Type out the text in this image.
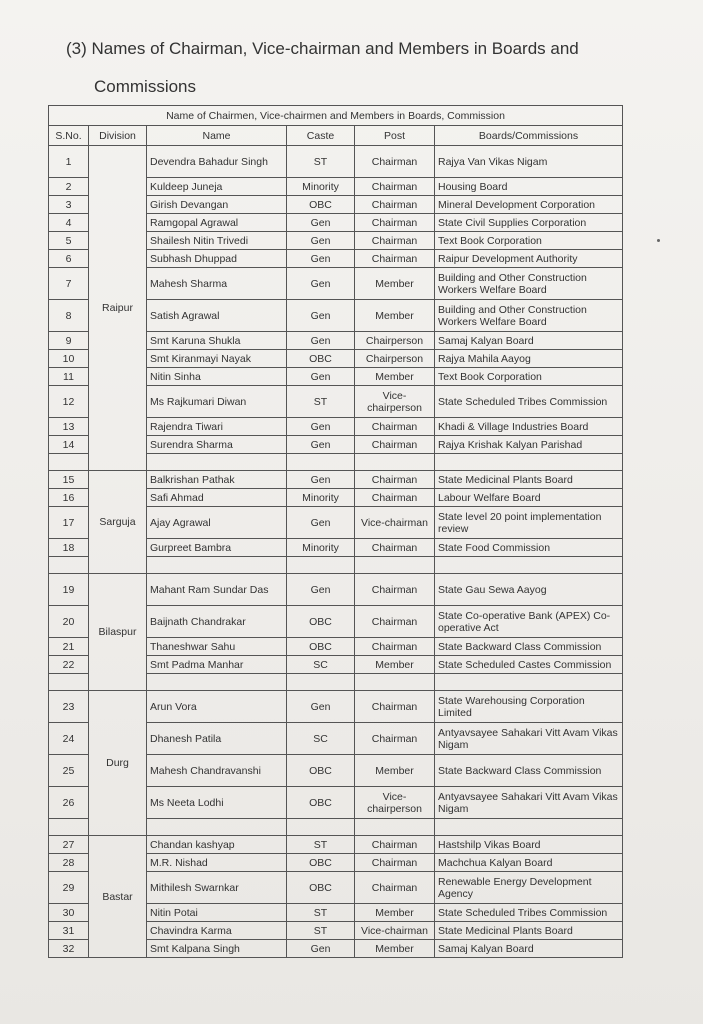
(3) Names of Chairman, Vice-chairman and Members in Boards and
Commissions
Name of Chairmen, Vice-chairmen and Members in Boards, Commission					
S.No.	Division	Name	Caste	Post	Boards/Commissions
1	Raipur	Devendra Bahadur Singh	ST	Chairman	Rajya Van Vikas Nigam
2		Kuldeep Juneja	Minority	Chairman	Housing Board
3		Girish Devangan	OBC	Chairman	Mineral Development Corporation
4		Ramgopal Agrawal	Gen	Chairman	State Civil Supplies Corporation
5		Shailesh Nitin Trivedi	Gen	Chairman	Text Book Corporation
6		Subhash Dhuppad	Gen	Chairman	Raipur Development Authority
7		Mahesh Sharma	Gen	Member	Building and Other Construction Workers Welfare Board
8		Satish Agrawal	Gen	Member	Building and Other Construction Workers Welfare Board
9		Smt Karuna Shukla	Gen	Chairperson	Samaj Kalyan Board
10		Smt Kiranmayi Nayak	OBC	Chairperson	Rajya Mahila Aayog
11		Nitin Sinha	Gen	Member	Text Book Corporation
12		Ms Rajkumari Diwan	ST	Vice-chairperson	State Scheduled Tribes Commission
13		Rajendra Tiwari	Gen	Chairman	Khadi & Village Industries Board
14		Surendra Sharma	Gen	Chairman	Rajya Krishak Kalyan Parishad

15	Sarguja	Balkrishan Pathak	Gen	Chairman	State Medicinal Plants Board
16		Safi Ahmad	Minority	Chairman	Labour Welfare Board
17		Ajay Agrawal	Gen	Vice-chairman	State level 20 point implementation review
18		Gurpreet Bambra	Minority	Chairman	State Food Commission

19	Bilaspur	Mahant Ram Sundar Das	Gen	Chairman	State Gau Sewa Aayog
20		Baijnath Chandrakar	OBC	Chairman	State Co-operative Bank (APEX) Co-operative Act
21		Thaneshwar Sahu	OBC	Chairman	State Backward Class Commission
22		Smt Padma Manhar	SC	Member	State Scheduled Castes Commission

23	Durg	Arun Vora	Gen	Chairman	State Warehousing Corporation Limited
24		Dhanesh Patila	SC	Chairman	Antyavsayee Sahakari Vitt Avam Vikas Nigam
25		Mahesh Chandravanshi	OBC	Member	State Backward Class Commission
26		Ms Neeta Lodhi	OBC	Vice-chairperson	Antyavsayee Sahakari Vitt Avam Vikas Nigam

27	Bastar	Chandan kashyap	ST	Chairman	Hastshilp Vikas Board
28		M.R. Nishad	OBC	Chairman	Machchua Kalyan Board
29		Mithilesh Swarnkar	OBC	Chairman	Renewable Energy Development Agency
30		Nitin Potai	ST	Member	State Scheduled Tribes Commission
31		Chavindra Karma	ST	Vice-chairman	State Medicinal Plants Board
32		Smt Kalpana Singh	Gen	Member	Samaj Kalyan Board
